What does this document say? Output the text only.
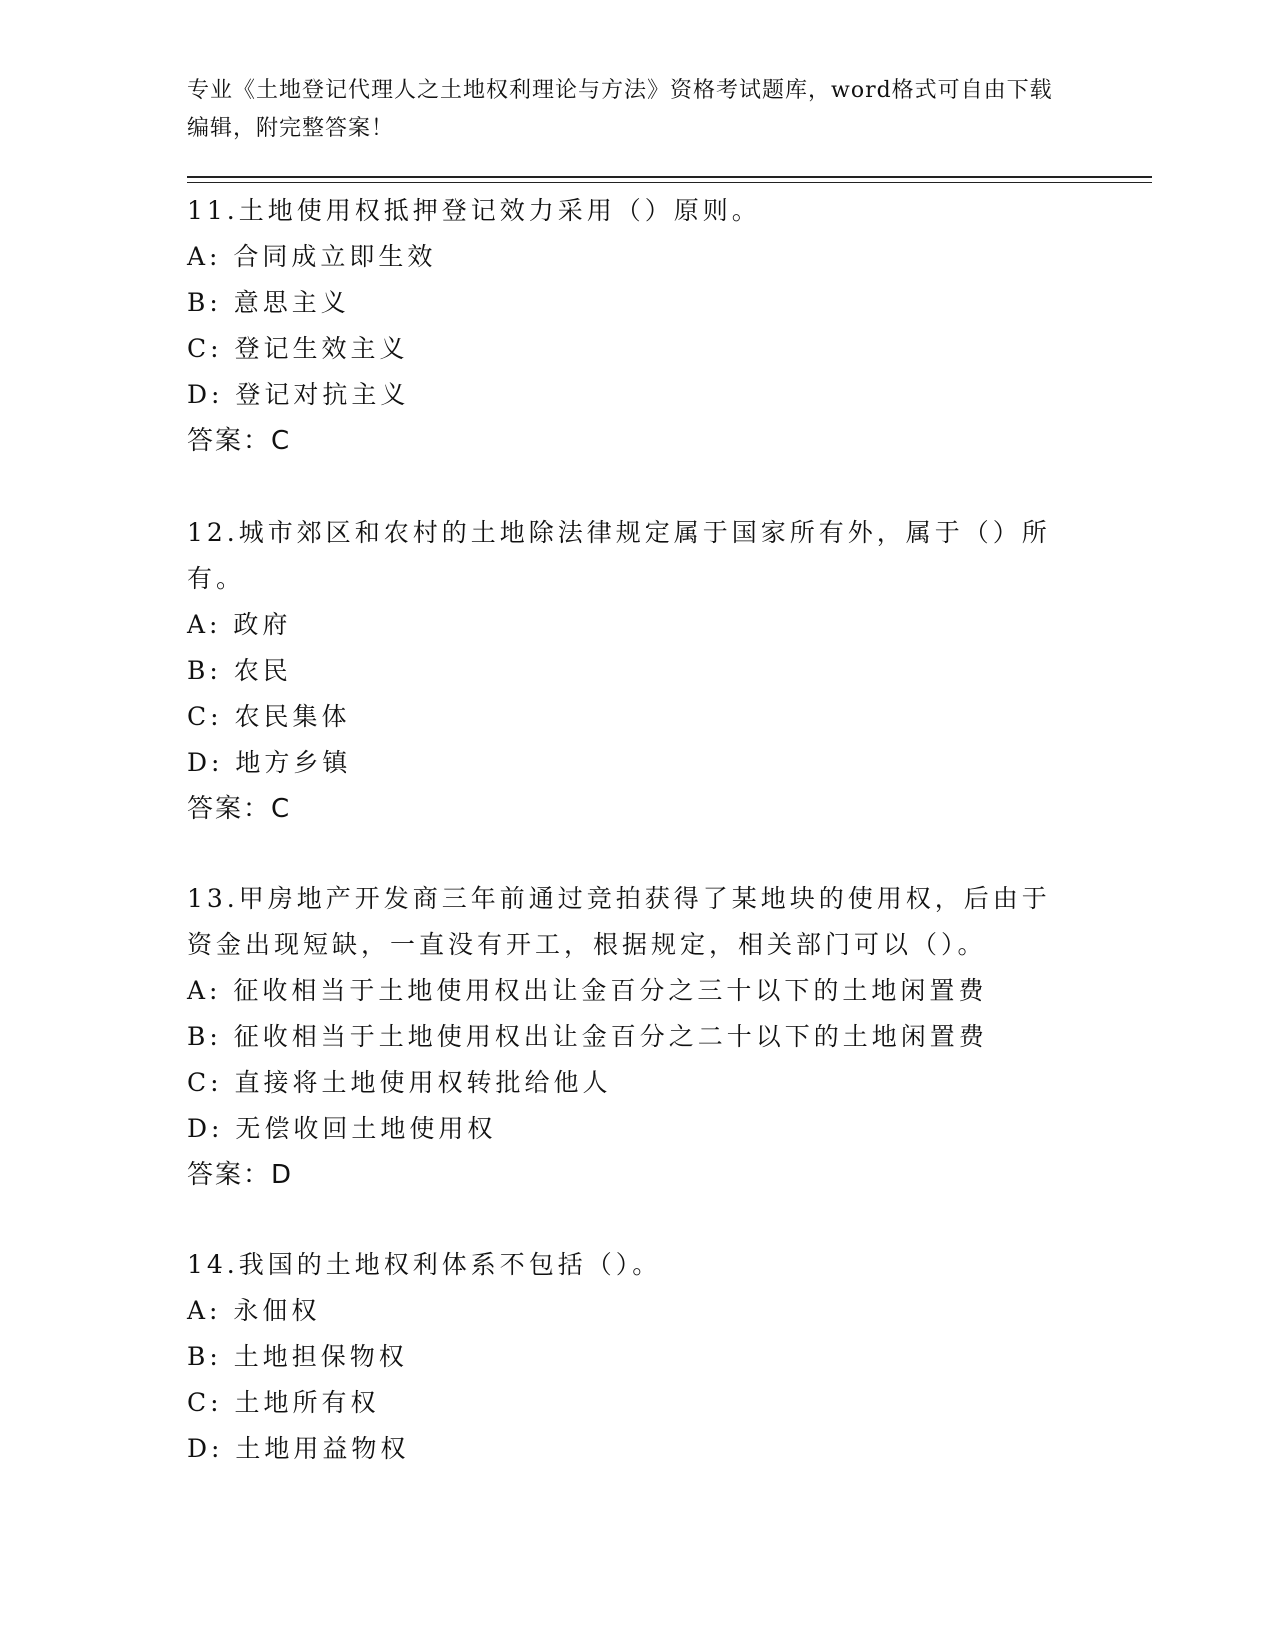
专业《土地登记代理人之土地权利理论与方法》资格考试题库，word格式可自由下载编辑，附完整答案！
11.土地使用权抵押登记效力采用（）原则。
A: 合同成立即生效
B: 意思主义
C: 登记生效主义
D: 登记对抗主义
答案：C
12.城市郊区和农村的土地除法律规定属于国家所有外，属于（）所有。
A: 政府
B: 农民
C: 农民集体
D: 地方乡镇
答案：C
13.甲房地产开发商三年前通过竞拍获得了某地块的使用权，后由于资金出现短缺，一直没有开工，根据规定，相关部门可以（）。
A: 征收相当于土地使用权出让金百分之三十以下的土地闲置费
B: 征收相当于土地使用权出让金百分之二十以下的土地闲置费
C: 直接将土地使用权转批给他人
D: 无偿收回土地使用权
答案：D
14.我国的土地权利体系不包括（）。
A: 永佃权
B: 土地担保物权
C: 土地所有权
D: 土地用益物权
